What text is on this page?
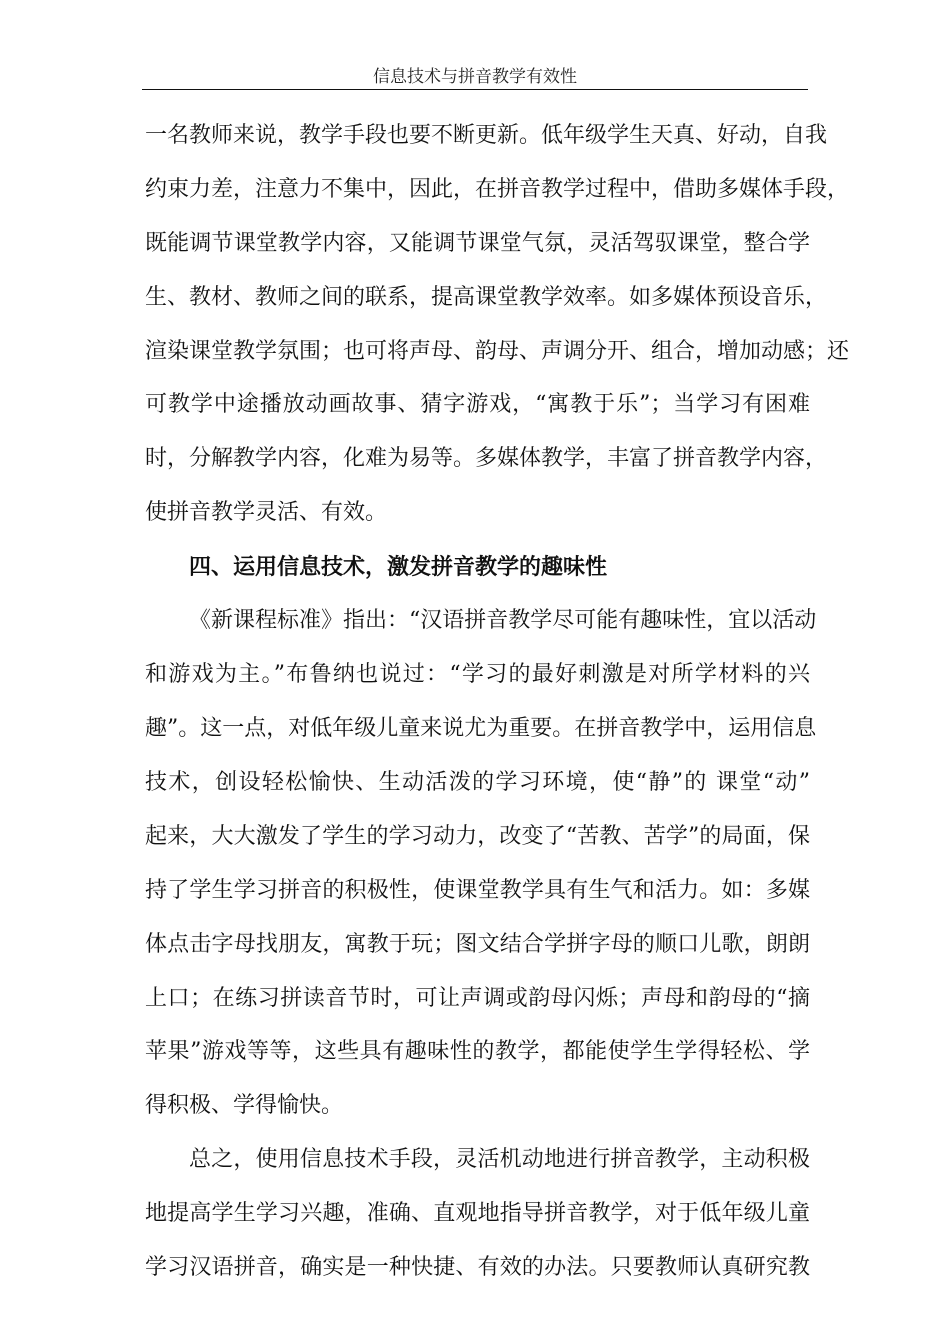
信息技术与拼音教学有效性
一名教师来说，教学手段也要不断更新。低年级学生天真、好动，自我
约束力差，注意力不集中，因此，在拼音教学过程中，借助多媒体手段，
既能调节课堂教学内容，又能调节课堂气氛，灵活驾驭课堂，整合学
生、教材、教师之间的联系，提高课堂教学效率。如多媒体预设音乐，
渲染课堂教学氛围；也可将声母、韵母、声调分开、组合，增加动感；还
可教学中途播放动画故事、猜字游戏，“寓教于乐”；当学习有困难
时，分解教学内容，化难为易等。多媒体教学，丰富了拼音教学内容，
使拼音教学灵活、有效。
四、运用信息技术，激发拼音教学的趣味性
《新课程标准》指出：“汉语拼音教学尽可能有趣味性，宜以活动
和游戏为主。”布鲁纳也说过：“学习的最好刺激是对所学材料的兴
趣”。这一点，对低年级儿童来说尤为重要。在拼音教学中，运用信息
技术，创设轻松愉快、生动活泼的学习环境，使“静”的 课堂“动”
起来，大大激发了学生的学习动力，改变了“苦教、苦学”的局面，保
持了学生学习拼音的积极性，使课堂教学具有生气和活力。如：多媒
体点击字母找朋友，寓教于玩；图文结合学拼字母的顺口儿歌，朗朗
上口；在练习拼读音节时，可让声调或韵母闪烁；声母和韵母的“摘
苹果”游戏等等，这些具有趣味性的教学，都能使学生学得轻松、学
得积极、学得愉快。
总之，使用信息技术手段，灵活机动地进行拼音教学，主动积极
地提高学生学习兴趣，准确、直观地指导拼音教学，对于低年级儿童
学习汉语拼音，确实是一种快捷、有效的办法。只要教师认真研究教
